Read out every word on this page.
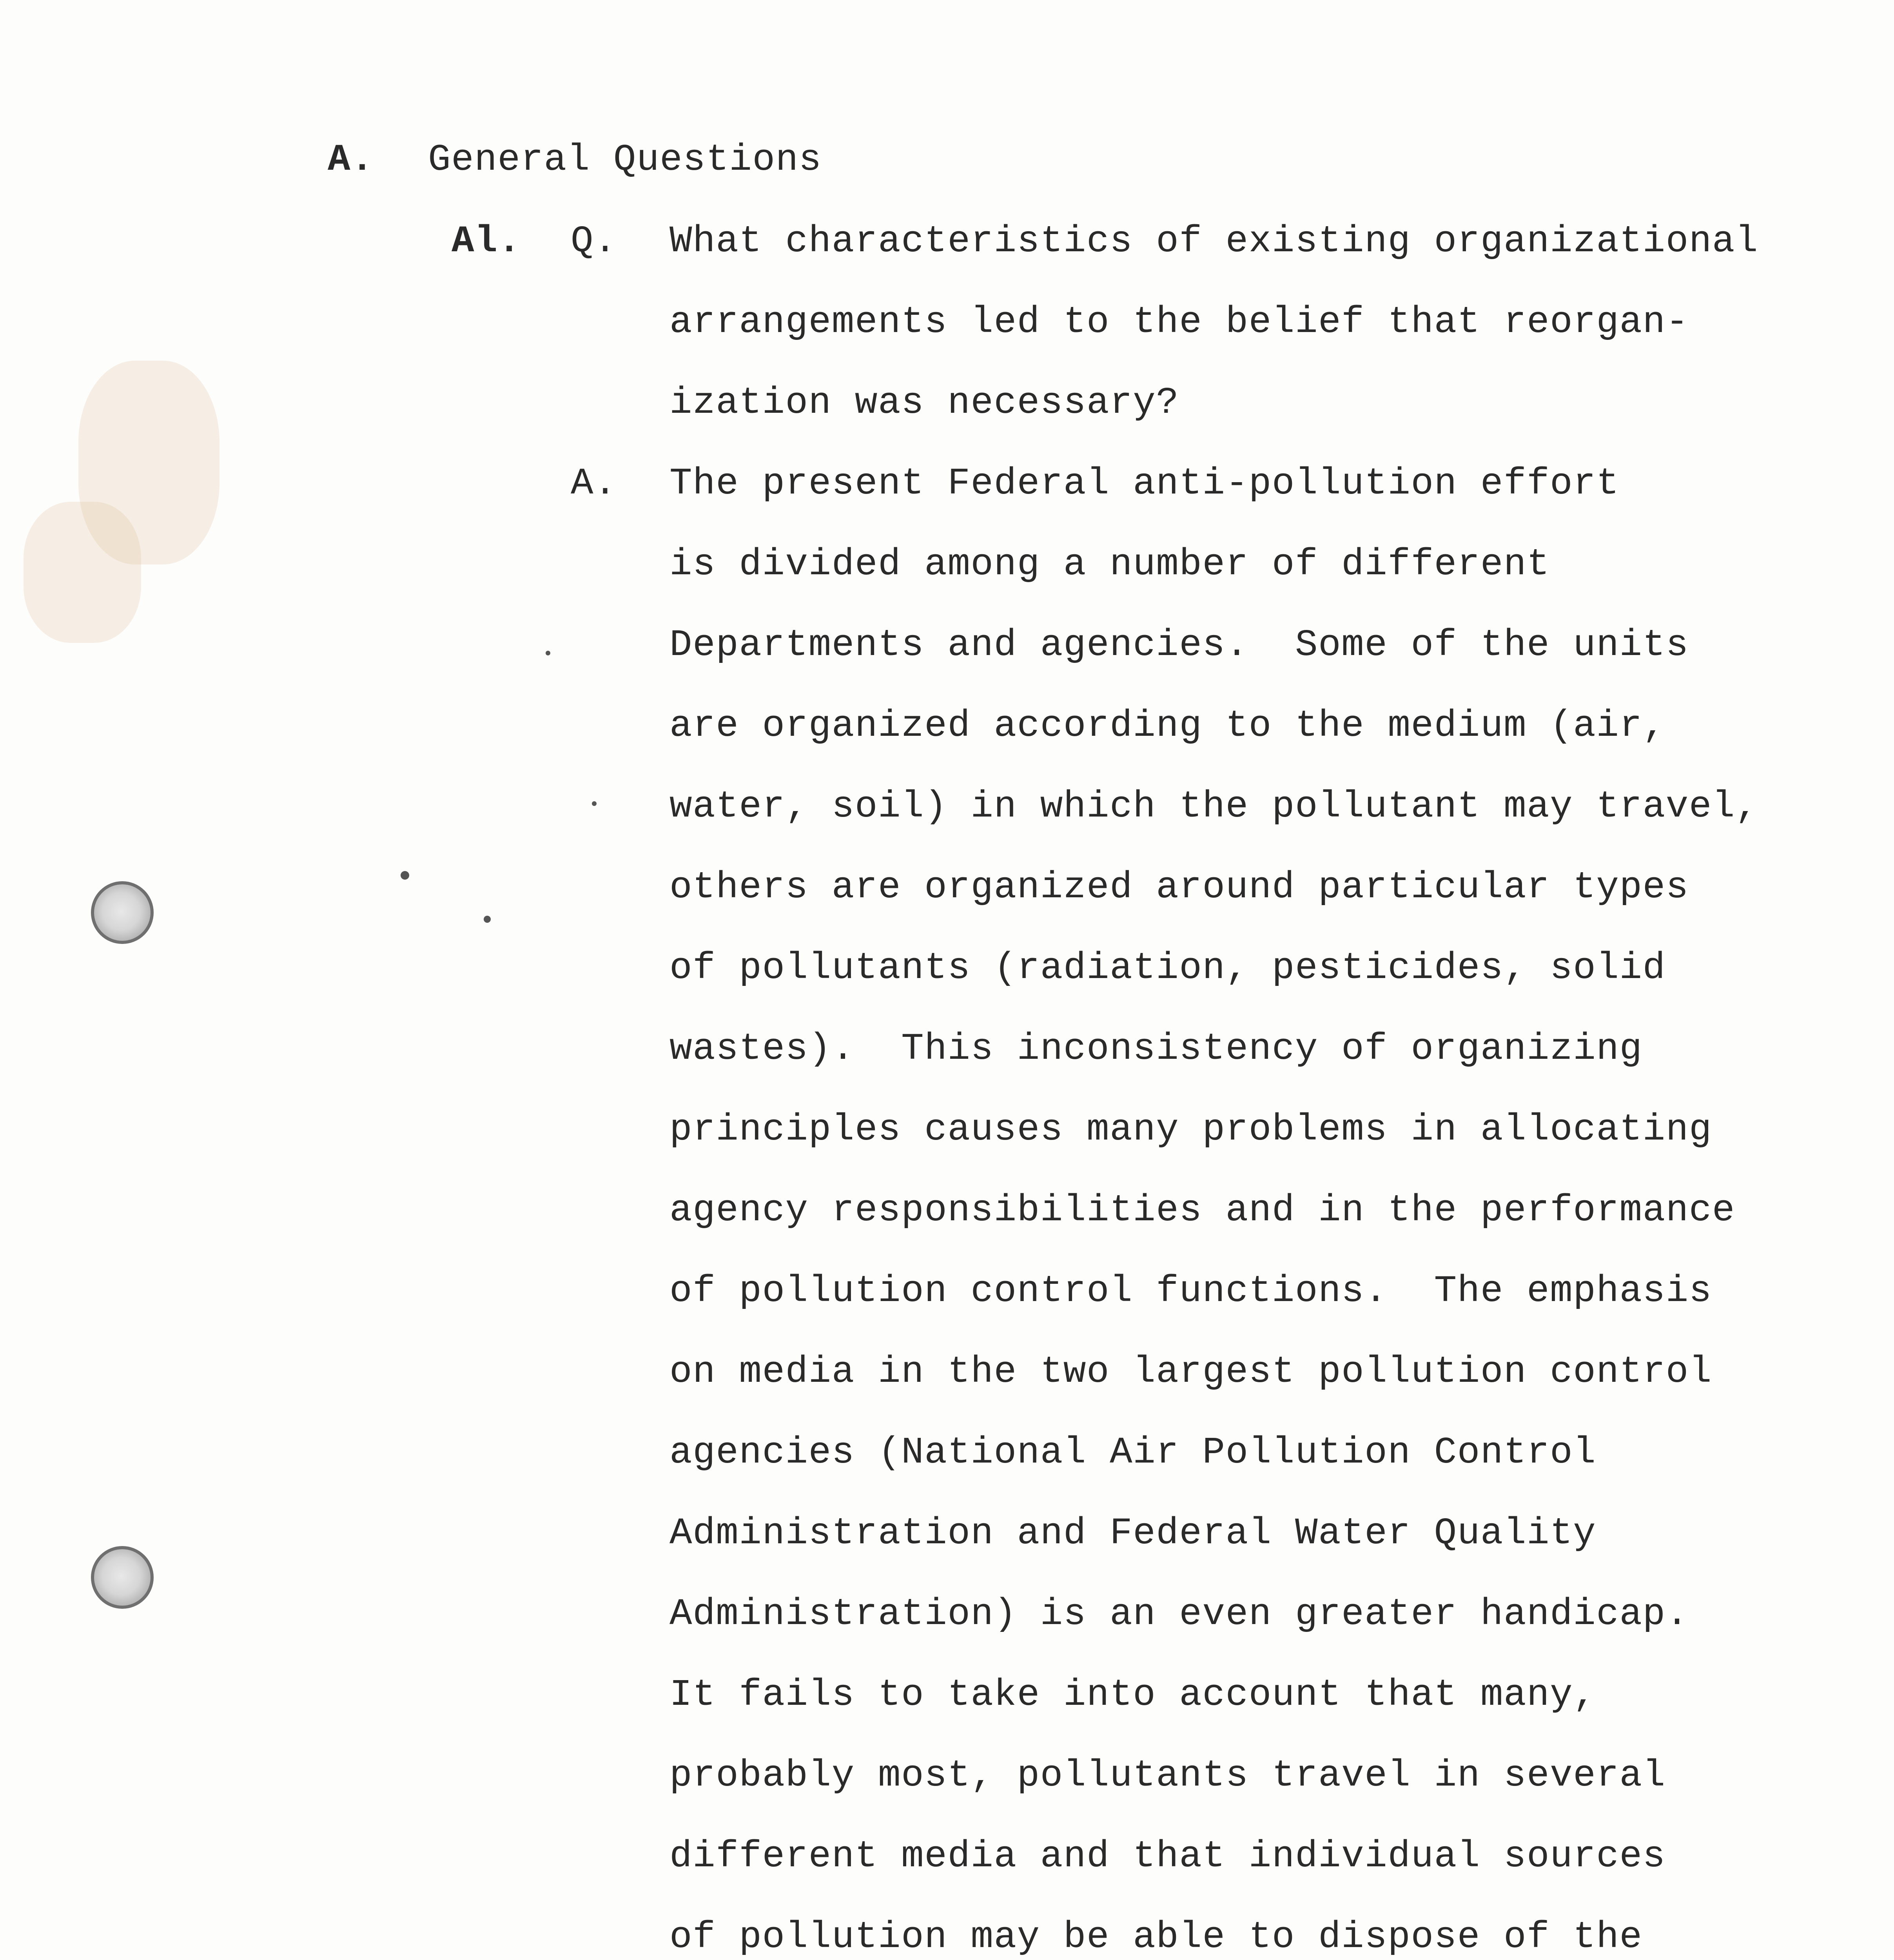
A. General Questions
Al. Q. What characteristics of existing organizational
arrangements led to the belief that reorgan-
ization was necessary?
A. The present Federal anti-pollution effort
is divided among a number of different
Departments and agencies.  Some of the units
are organized according to the medium (air,
water, soil) in which the pollutant may travel,
others are organized around particular types
of pollutants (radiation, pesticides, solid
wastes).  This inconsistency of organizing
principles causes many problems in allocating
agency responsibilities and in the performance
of pollution control functions.  The emphasis
on media in the two largest pollution control
agencies (National Air Pollution Control
Administration and Federal Water Quality
Administration) is an even greater handicap.
It fails to take into account that many,
probably most, pollutants travel in several
different media and that individual sources
of pollution may be able to dispose of the
